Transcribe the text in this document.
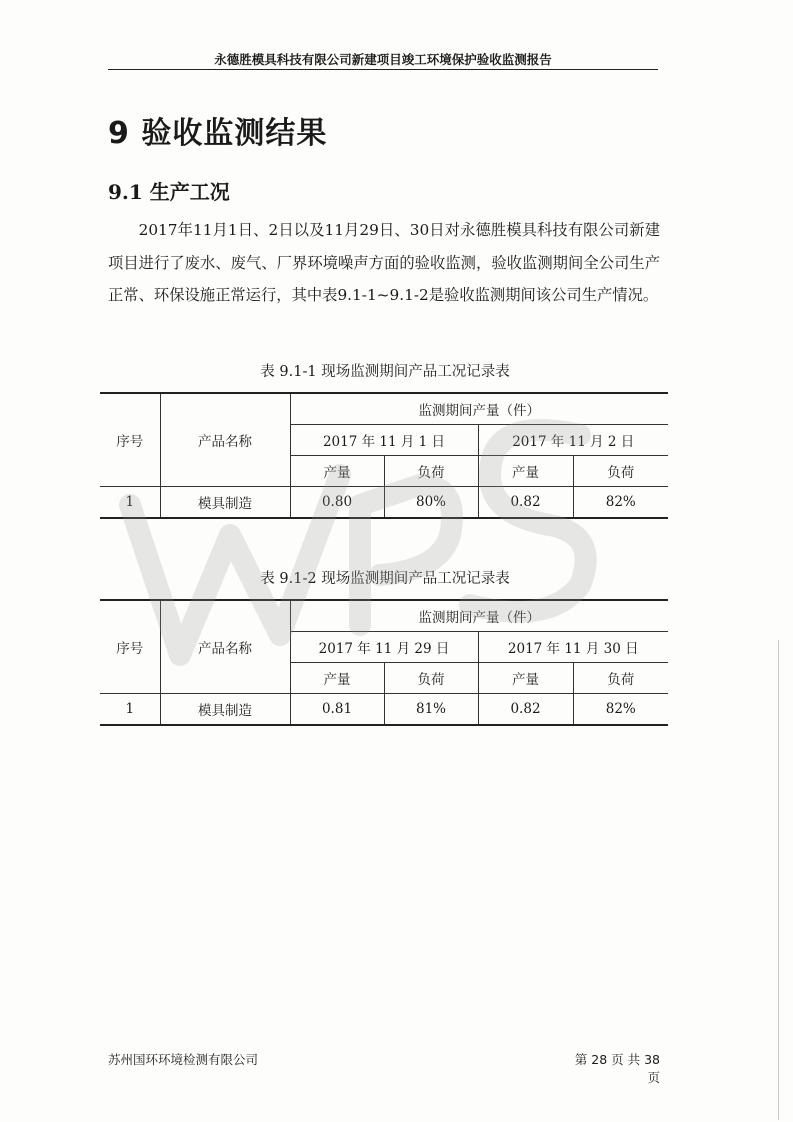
永德胜模具科技有限公司新建项目竣工环境保护验收监测报告
9 验收监测结果
9.1 生产工况
2017年11月1日、2日以及11月29日、30日对永德胜模具科技有限公司新建项目进行了废水、废气、厂界环境噪声方面的验收监测，验收监测期间全公司生产正常、环保设施正常运行，其中表9.1-1~9.1-2是验收监测期间该公司生产情况。
表 9.1-1 现场监测期间产品工况记录表
序号	产品名称	监测期间产量（件）			
		2017 年 11 月 1 日		2017 年 11 月 2 日	
		产量	负荷	产量	负荷
1	模具制造	0.80	80%	0.82	82%
表 9.1-2 现场监测期间产品工况记录表
序号	产品名称	监测期间产量（件）			
		2017 年 11 月 29 日		2017 年 11 月 30 日	
		产量	负荷	产量	负荷
1	模具制造	0.81	81%	0.82	82%
苏州国环环境检测有限公司	第 28 页 共 38 页
